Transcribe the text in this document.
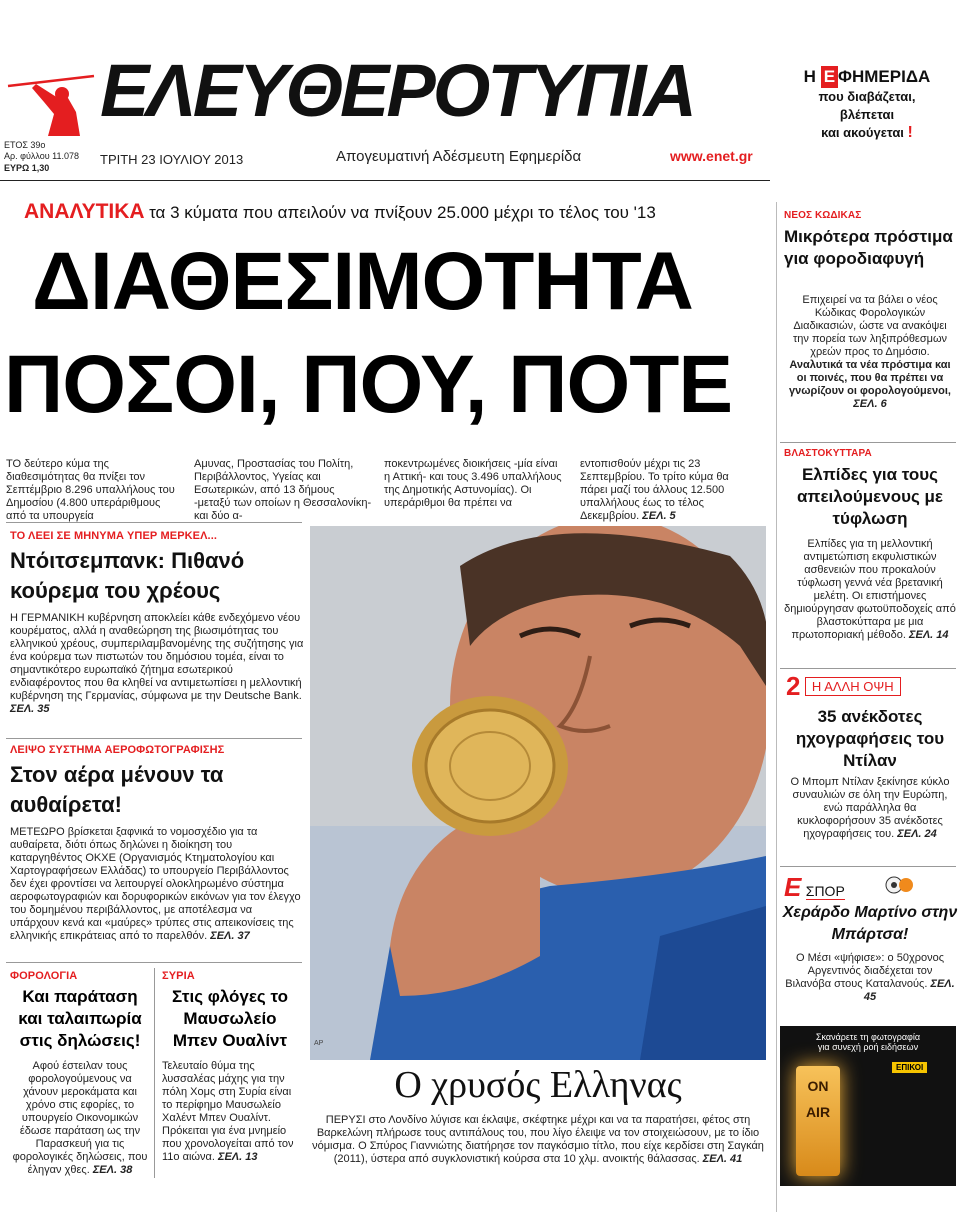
ΕΛΕΥΘΕΡΟΤΥΠΙΑ
ΕΤΟΣ 39ο
Αρ. φύλλου 11.078
ΕΥΡΩ 1,30
ΤΡΙΤΗ 23 ΙΟΥΛΙΟΥ 2013	Απογευματινή Αδέσμευτη Εφημερίδα	www.enet.gr
Η Ε ΦΗΜΕΡΙΔΑ
που διαβάζεται,
βλέπεται
και ακούγεται !
ΑΝΑΛΥΤΙΚΑ τα 3 κύματα που απειλούν να πνίξουν 25.000 μέχρι το τέλος του '13
ΔΙΑΘΕΣΙΜΟΤΗΤΑ
ΠΟΣΟΙ, ΠΟΥ, ΠΟΤΕ
ΤΟ δεύτερο κύμα της διαθεσιμότητας θα πνίξει τον Σεπτέμβριο 8.296 υπαλλήλους του Δημοσίου (4.800 υπεράριθμους από τα υπουργεία
Αμυνας, Προστασίας του Πολίτη, Περιβάλλοντος, Υγείας και Εσωτερικών, από 13 δήμους -μεταξύ των οποίων η Θεσσαλονίκη- και δύο α-
ποκεντρωμένες διοικήσεις -μία είναι η Αττική- και τους 3.496 υπαλλήλους της Δημοτικής Αστυνομίας). Οι υπεράριθμοι θα πρέπει να
εντοπισθούν μέχρι τις 23 Σεπτεμβρίου. Το τρίτο κύμα θα πάρει μαζί του άλλους 12.500 υπαλλήλους έως το τέλος Δεκεμβρίου. ΣΕΛ. 5
ΤΟ ΛΕΕΙ ΣΕ ΜΗΝΥΜΑ ΥΠΕΡ ΜΕΡΚΕΛ...
Ντόιτσεμπανκ: Πιθανό κούρεμα του χρέους
Η ΓΕΡΜΑΝΙΚΗ κυβέρνηση αποκλείει κάθε ενδεχόμενο νέου κουρέματος, αλλά η αναθεώρηση της βιωσιμότητας του ελληνικού χρέους, συμπεριλαμβανομένης της συζήτησης για ένα κούρεμα των πιστωτών του δημόσιου τομέα, είναι το σημαντικότερο ευρωπαϊκό ζήτημα εσωτερικού ενδιαφέροντος που θα κληθεί να αντιμετωπίσει η μελλοντική κυβέρνηση της Γερμανίας, σύμφωνα με την Deutsche Bank. ΣΕΛ. 35
ΛΕΙΨΟ ΣΥΣΤΗΜΑ ΑΕΡΟΦΩΤΟΓΡΑΦΙΣΗΣ
Στον αέρα μένουν τα αυθαίρετα!
ΜΕΤΕΩΡΟ βρίσκεται ξαφνικά το νομοσχέδιο για τα αυθαίρετα, διότι όπως δηλώνει η διοίκηση του καταργηθέντος ΟΚΧΕ (Οργανισμός Κτηματολογίου και Χαρτογραφήσεων Ελλάδας) το υπουργείο Περιβάλλοντος δεν έχει φροντίσει να λειτουργεί ολοκληρωμένο σύστημα αεροφωτογραφιών και δορυφορικών εικόνων για τον έλεγχο του δομημένου περιβάλλοντος, με αποτέλεσμα να υπάρχουν κενά και «μαύρες» τρύπες στις απεικονίσεις της ελληνικής επικράτειας από το παρελθόν. ΣΕΛ. 37
ΦΟΡΟΛΟΓΙΑ
Και παράταση και ταλαιπωρία στις δηλώσεις!
Αφού έστειλαν τους φορολογούμενους να χάνουν μεροκάματα και χρόνο στις εφορίες, το υπουργείο Οικονομικών έδωσε παράταση ως την Παρασκευή για τις φορολογικές δηλώσεις, που έληγαν χθες. ΣΕΛ. 38
ΣΥΡΙΑ
Στις φλόγες το Μαυσωλείο Μπεν Ουαλίντ
Τελευταίο θύμα της λυσσαλέας μάχης για την πόλη Χομς στη Συρία είναι το περίφημο Μαυσωλείο Χαλέντ Μπεν Ουαλίντ. Πρόκειται για ένα μνημείο που χρονολογείται από τον 11ο αιώνα. ΣΕΛ. 13
AP
Ο χρυσός Ελληνας
ΠΕΡΥΣΙ στο Λονδίνο λύγισε και έκλαψε, σκέφτηκε μέχρι και να τα παρατήσει, φέτος στη Βαρκελώνη πλήρωσε τους αντιπάλους του, που λίγο έλειψε να τον στοιχειώσουν, με το ίδιο νόμισμα. Ο Σπύρος Γιαννιώτης διατήρησε τον παγκόσμιο τίτλο, που είχε κερδίσει στη Σαγκάη (2011), ύστερα από συγκλονιστική κούρσα στα 10 χλμ. ανοικτής θάλασσας. ΣΕΛ. 41
ΝΕΟΣ ΚΩΔΙΚΑΣ
Μικρότερα πρόστιμα για φοροδιαφυγή
Επιχειρεί να τα βάλει ο νέος Κώδικας Φορολογικών Διαδικασιών, ώστε να ανακόψει την πορεία των ληξιπρόθεσμων χρεών προς το Δημόσιο. Αναλυτικά τα νέα πρόστιμα και οι ποινές, που θα πρέπει να γνωρίζουν οι φορολογούμενοι, ΣΕΛ. 6
ΒΛΑΣΤΟΚΥΤΤΑΡΑ
Ελπίδες για τους απειλούμενους με τύφλωση
Ελπίδες για τη μελλοντική αντιμετώπιση εκφυλιστικών ασθενειών που προκαλούν τύφλωση γεννά νέα βρετανική μελέτη. Οι επιστήμονες δημιούργησαν φωτοϋποδοχείς από βλαστοκύτταρα με μια πρωτοποριακή μέθοδο. ΣΕΛ. 14
2 Η ΑΛΛΗ ΟΨΗ
35 ανέκδοτες ηχογραφήσεις του Ντίλαν
Ο Μπομπ Ντίλαν ξεκίνησε κύκλο συναυλιών σε όλη την Ευρώπη, ενώ παράλληλα θα κυκλοφορήσουν 35 ανέκδοτες ηχογραφήσεις του. ΣΕΛ. 24
Ε ΣΠΟΡ
Χεράρδο Μαρτίνο στην Μπάρτσα!
Ο Μέσι «ψήφισε»: ο 50χρονος Αργεντινός διαδέχεται τον Βιλανόβα στους Καταλανούς. ΣΕΛ. 45
Σκανάρετε τη φωτογραφία
για συνεχή ροή ειδήσεων
ΕΠΙΚΟΙ
ON
AIR
